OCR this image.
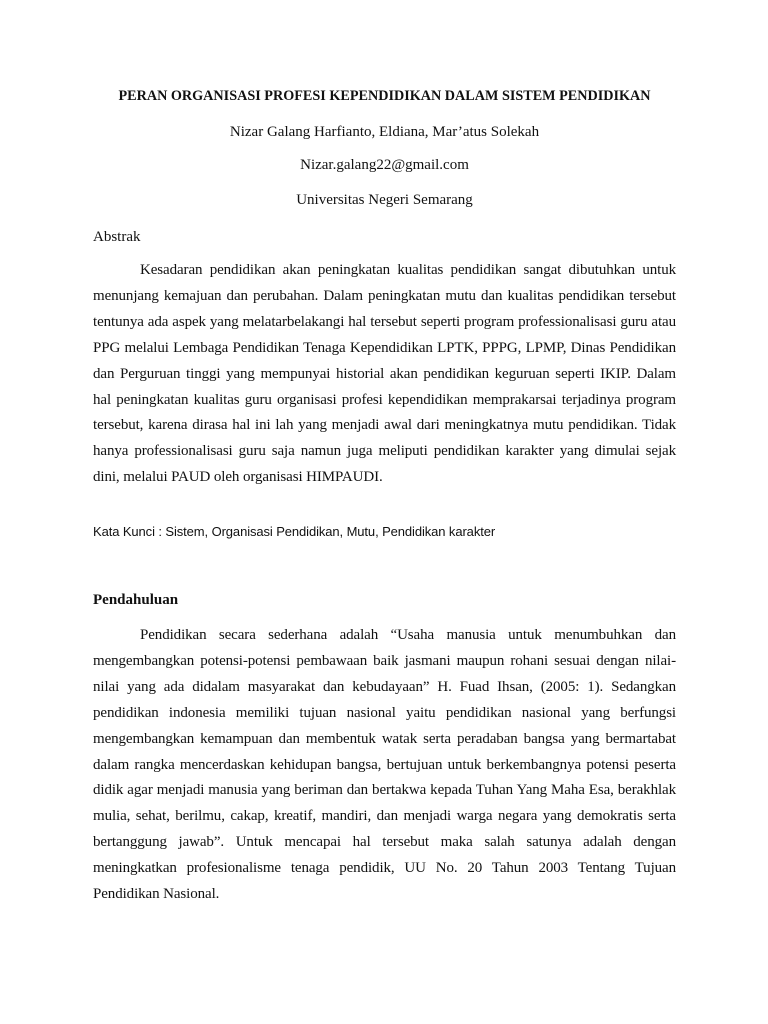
PERAN ORGANISASI PROFESI KEPENDIDIKAN DALAM SISTEM PENDIDIKAN
Nizar Galang Harfianto, Eldiana, Mar’atus Solekah
Nizar.galang22@gmail.com
Universitas Negeri Semarang
Abstrak

Kesadaran pendidikan akan peningkatan kualitas pendidikan sangat dibutuhkan untuk menunjang kemajuan dan perubahan. Dalam peningkatan mutu dan kualitas pendidikan tersebut tentunya ada aspek yang melatarbelakangi hal tersebut seperti program professionalisasi guru atau PPG melalui Lembaga Pendidikan Tenaga Kependidikan LPTK, PPPG, LPMP, Dinas Pendidikan dan Perguruan tinggi yang mempunyai historial akan pendidikan keguruan seperti IKIP. Dalam hal peningkatan kualitas guru organisasi profesi kependidikan memprakarsai terjadinya program tersebut, karena dirasa hal ini lah yang menjadi awal dari meningkatnya mutu pendidikan. Tidak hanya professionalisasi guru saja namun juga meliputi pendidikan karakter yang dimulai sejak dini, melalui PAUD oleh organisasi HIMPAUDI.

Kata Kunci : Sistem, Organisasi Pendidikan, Mutu, Pendidikan karakter
Pendahuluan

Pendidikan secara sederhana adalah “Usaha manusia untuk menumbuhkan dan mengembangkan potensi-potensi pembawaan baik jasmani maupun rohani sesuai dengan nilai-nilai yang ada didalam masyarakat dan kebudayaan” H. Fuad Ihsan, (2005: 1). Sedangkan pendidikan indonesia memiliki tujuan nasional yaitu pendidikan nasional yang berfungsi mengembangkan kemampuan dan membentuk watak serta peradaban bangsa yang bermartabat dalam rangka mencerdaskan kehidupan bangsa, bertujuan untuk berkembangnya potensi peserta didik agar menjadi manusia yang beriman dan bertakwa kepada Tuhan Yang Maha Esa, berakhlak mulia, sehat, berilmu, cakap, kreatif, mandiri, dan menjadi warga negara yang demokratis serta bertanggung jawab”. Untuk mencapai hal tersebut maka salah satunya adalah dengan meningkatkan profesionalisme tenaga pendidik, UU No. 20 Tahun 2003 Tentang Tujuan Pendidikan Nasional.
